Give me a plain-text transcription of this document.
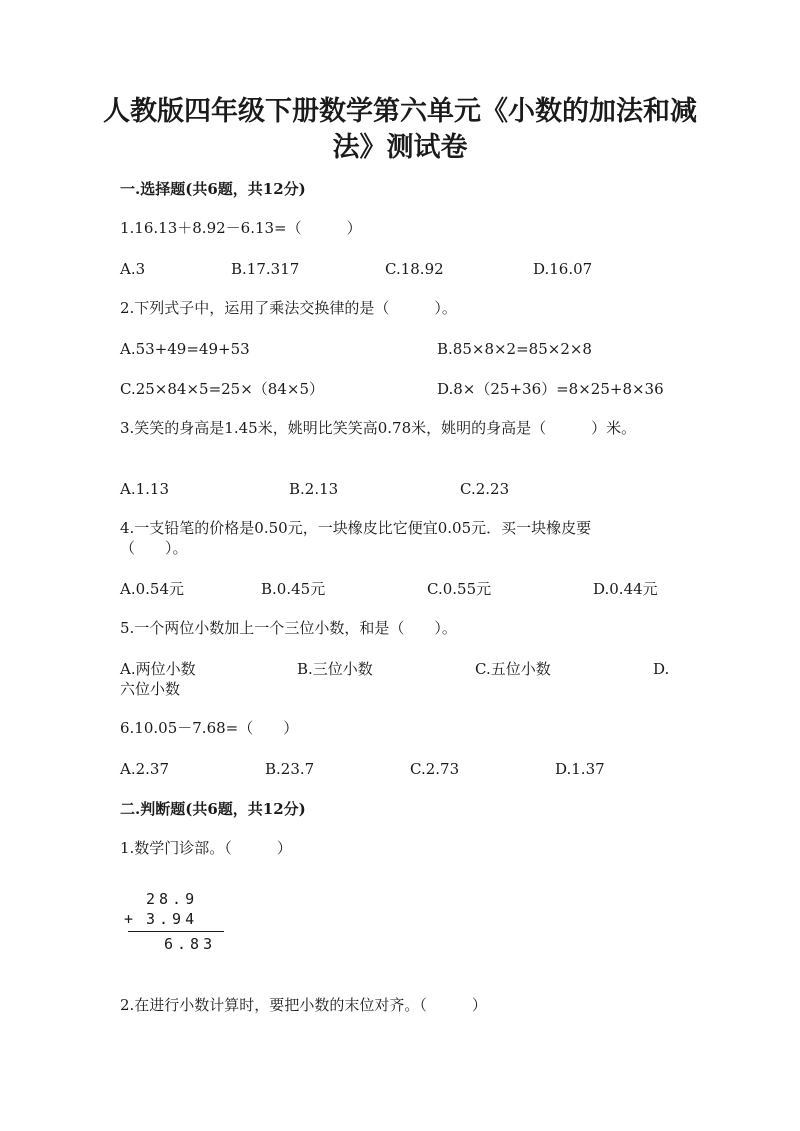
人教版四年级下册数学第六单元《小数的加法和减
法》测试卷
一.选择题(共6题，共12分)
1.16.13＋8.92－6.13=（　　　）
A.3	B.17.317	C.18.92	D.16.07
2.下列式子中，运用了乘法交换律的是（　　　）。
A.53+49=49+53	B.85×8×2=85×2×8
C.25×84×5=25×（84×5）	D.8×（25+36）=8×25+8×36
3.笑笑的身高是1.45米，姚明比笑笑高0.78米，姚明的身高是（　　　）米。
A.1.13	B.2.13	C.2.23
4.一支铅笔的价格是0.50元，一块橡皮比它便宜0.05元．买一块橡皮要
（　　）。
A.0.54元	B.0.45元	C.0.55元	D.0.44元
5.一个两位小数加上一个三位小数，和是（　　）。
A.两位小数	B.三位小数	C.五位小数	D.
六位小数
6.10.05－7.68=（　　）
A.2.37	B.23.7	C.2.73	D.1.37
二.判断题(共6题，共12分)
1.数学门诊部。（　　　）
28.9
+ 3.94
6.83
2.在进行小数计算时，要把小数的末位对齐。（　　　）
